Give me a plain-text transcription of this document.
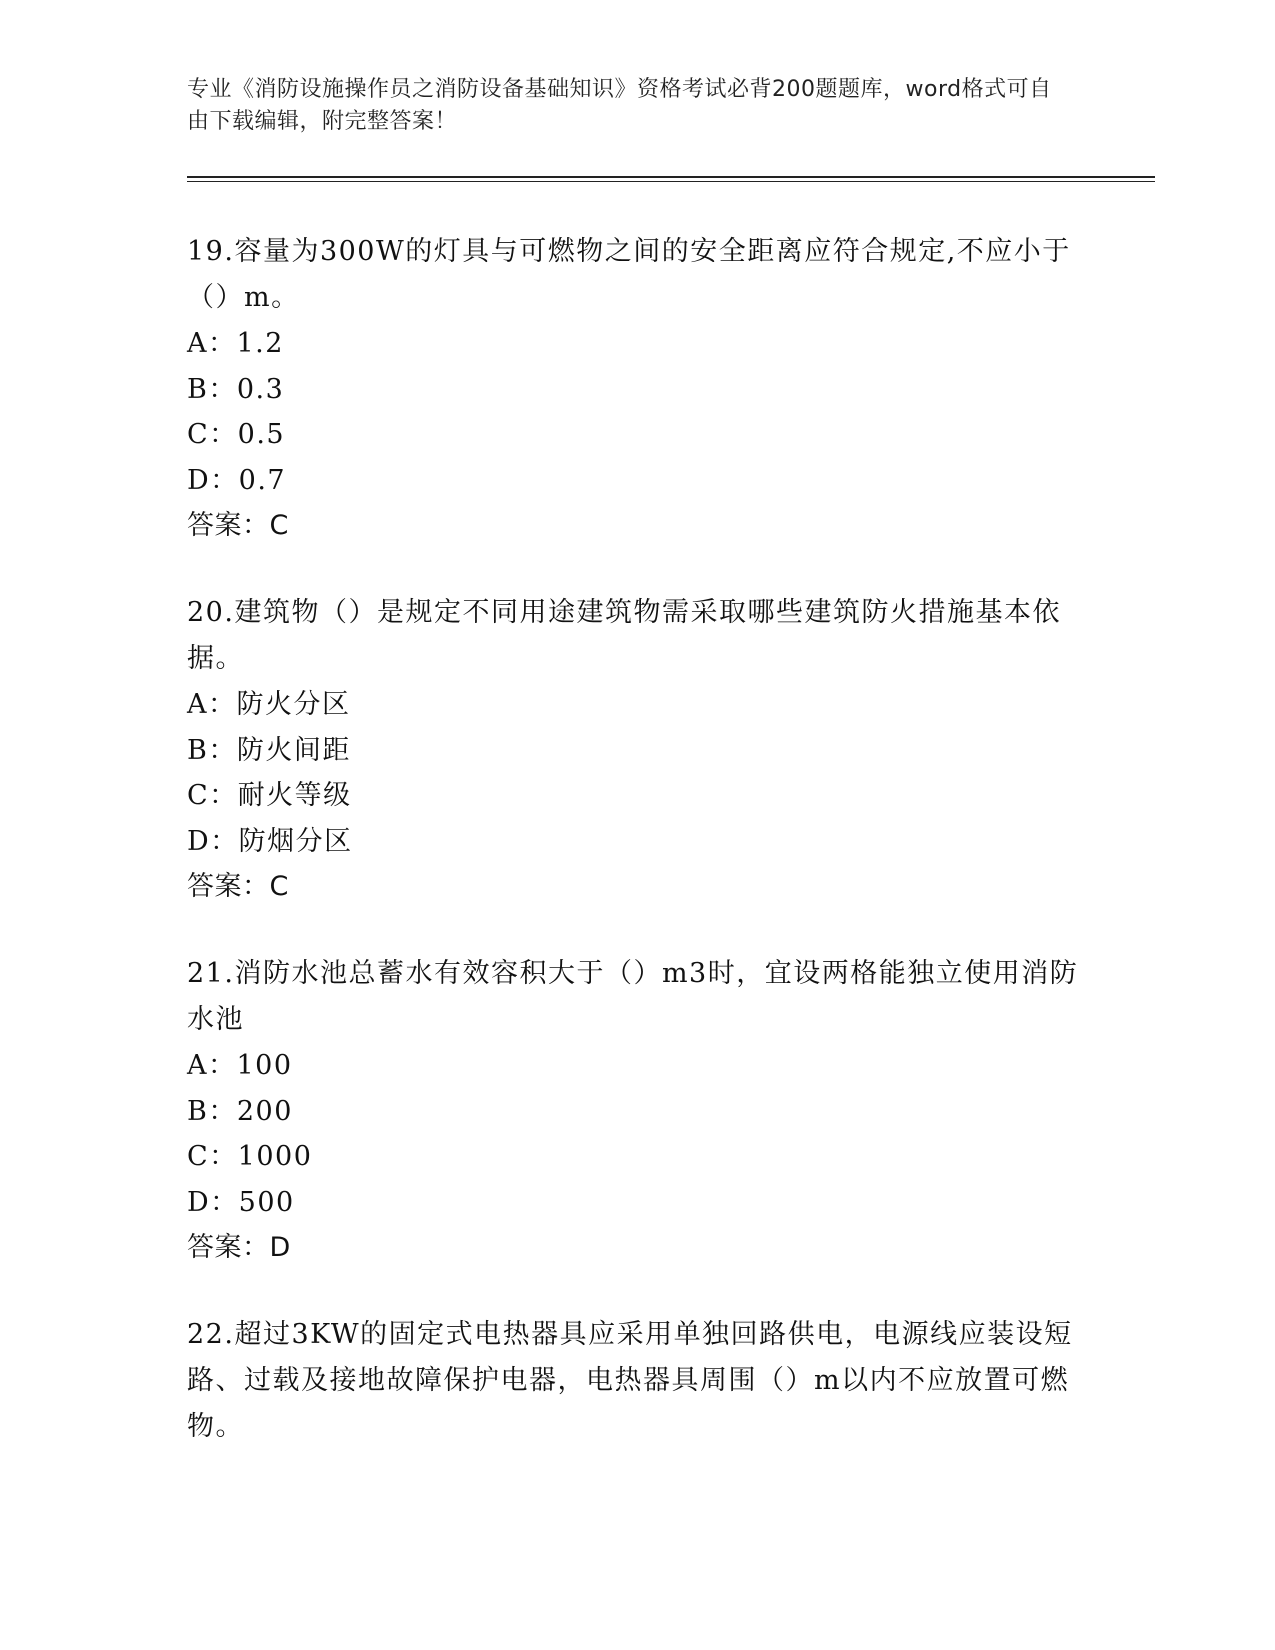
专业《消防设施操作员之消防设备基础知识》资格考试必背200题题库，word格式可自由下载编辑，附完整答案！

19.容量为300W的灯具与可燃物之间的安全距离应符合规定,不应小于（）m。

A：1.2

B：0.3

C：0.5

D：0.7

答案：C

20.建筑物（）是规定不同用途建筑物需采取哪些建筑防火措施基本依据。

A：防火分区

B：防火间距

C：耐火等级

D：防烟分区

答案：C

21.消防水池总蓄水有效容积大于（）m3时，宜设两格能独立使用消防水池

A：100

B：200

C：1000

D：500

答案：D

22.超过3KW的固定式电热器具应采用单独回路供电，电源线应装设短路、过载及接地故障保护电器，电热器具周围（）m以内不应放置可燃物。
